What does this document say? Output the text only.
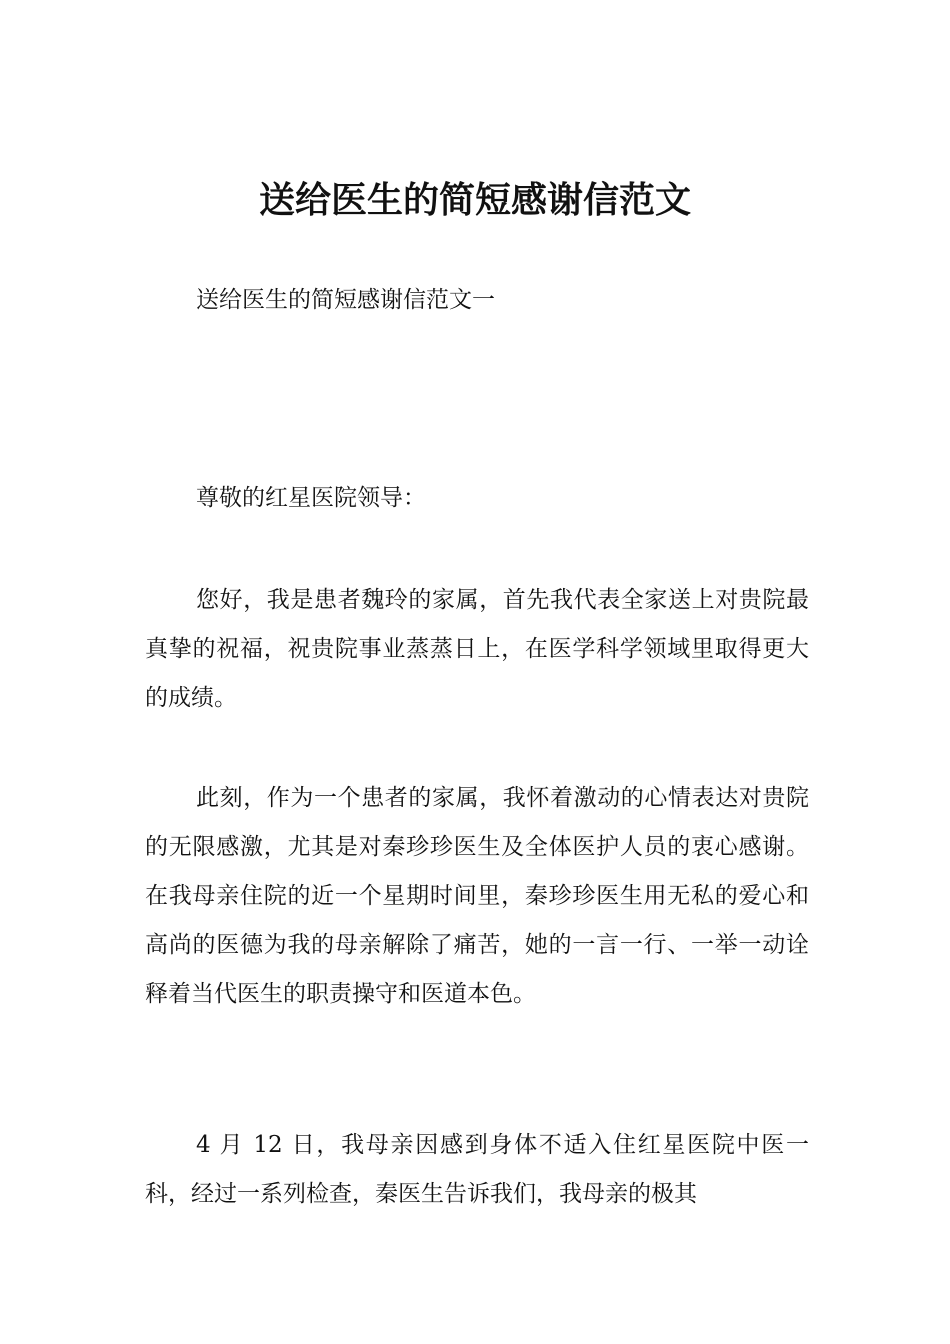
送给医生的简短感谢信范文

送给医生的简短感谢信范文一

尊敬的红星医院领导：

您好，我是患者魏玲的家属，首先我代表全家送上对贵院最真挚的祝福，祝贵院事业蒸蒸日上，在医学科学领域里取得更大的成绩。

此刻，作为一个患者的家属，我怀着激动的心情表达对贵院的无限感激，尤其是对秦珍珍医生及全体医护人员的衷心感谢。在我母亲住院的近一个星期时间里，秦珍珍医生用无私的爱心和高尚的医德为我的母亲解除了痛苦，她的一言一行、一举一动诠释着当代医生的职责操守和医道本色。

4 月 12 日，我母亲因感到身体不适入住红星医院中医一科，经过一系列检查，秦医生告诉我们，我母亲的极其
